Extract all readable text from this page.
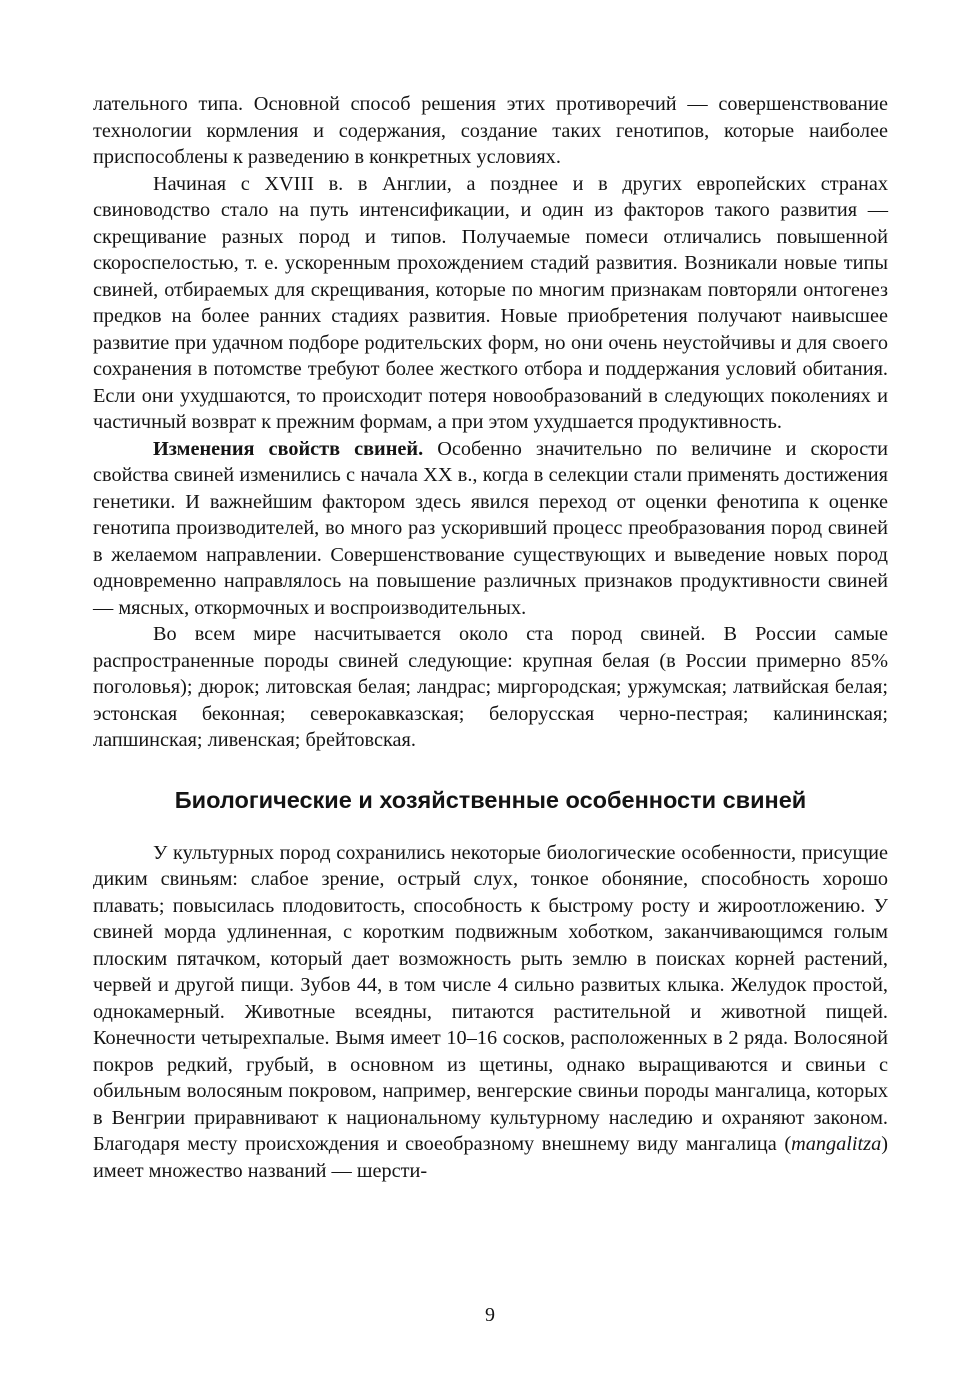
лательного типа. Основной способ решения этих противоречий — совершенствование технологии кормления и содержания, создание таких генотипов, которые наиболее приспособлены к разведению в конкретных условиях.

Начиная с XVIII в. в Англии, а позднее и в других европейских странах свиноводство стало на путь интенсификации, и один из факторов такого развития — скрещивание разных пород и типов. Получаемые помеси отличались повышенной скороспелостью, т. е. ускоренным прохождением стадий развития. Возникали новые типы свиней, отбираемых для скрещивания, которые по многим признакам повторяли онтогенез предков на более ранних стадиях развития. Новые приобретения получают наивысшее развитие при удачном подборе родительских форм, но они очень неустойчивы и для своего сохранения в потомстве требуют более жесткого отбора и поддержания условий обитания. Если они ухудшаются, то происходит потеря новообразований в следующих поколениях и частичный возврат к прежним формам, а при этом ухудшается продуктивность.

Изменения свойств свиней. Особенно значительно по величине и скорости свойства свиней изменились с начала XX в., когда в селекции стали применять достижения генетики. И важнейшим фактором здесь явился переход от оценки фенотипа к оценке генотипа производителей, во много раз ускоривший процесс преобразования пород свиней в желаемом направлении. Совершенствование существующих и выведение новых пород одновременно направлялось на повышение различных признаков продуктивности свиней — мясных, откормочных и воспроизводительных.

Во всем мире насчитывается около ста пород свиней. В России самые распространенные породы свиней следующие: крупная белая (в России примерно 85% поголовья); дюрок; литовская белая; ландрас; миргородская; уржумская; латвийская белая; эстонская беконная; северокавказская; белорусская черно-пестрая; калининская; лапшинская; ливенская; брейтовская.

Биологические и хозяйственные особенности свиней

У культурных пород сохранились некоторые биологические особенности, присущие диким свиньям: слабое зрение, острый слух, тонкое обоняние, способность хорошо плавать; повысилась плодовитость, способность к быстрому росту и жироотложению. У свиней морда удлиненная, с коротким подвижным хоботком, заканчивающимся голым плоским пятачком, который дает возможность рыть землю в поисках корней растений, червей и другой пищи. Зубов 44, в том числе 4 сильно развитых клыка. Желудок простой, однокамерный. Животные всеядны, питаются растительной и животной пищей. Конечности четырехпалые. Вымя имеет 10–16 сосков, расположенных в 2 ряда. Волосяной покров редкий, грубый, в основном из щетины, однако выращиваются и свиньи с обильным волосяным покровом, например, венгерские свиньи породы мангалица, которых в Венгрии приравнивают к национальному культурному наследию и охраняют законом. Благодаря месту происхождения и своеобразному внешнему виду мангалица (mangalitza) имеет множество названий — шерсти-

9
